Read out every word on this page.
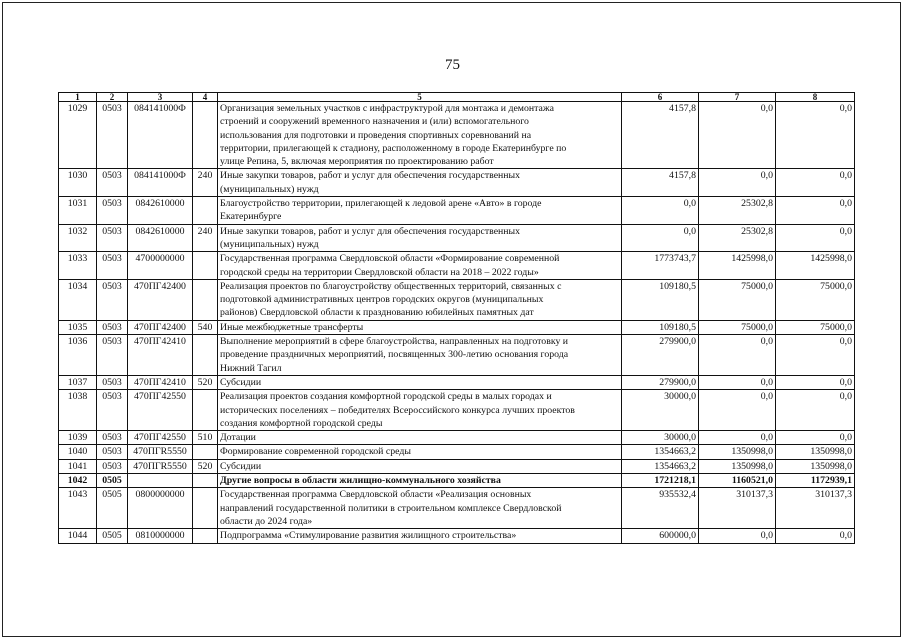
75
1	2	3	4	5	6	7	8
1029	0503	084141000Ф		Организация земельных участков с инфраструктурой для монтажа и демонтажа
строений и сооружений временного назначения и (или) вспомогательного
использования для подготовки и проведения спортивных соревнований на
территории, прилегающей к стадиону, расположенному в городе Екатеринбурге по
улице Репина, 5, включая мероприятия по проектированию работ	4157,8	0,0	0,0
1030	0503	084141000Ф	240	Иные закупки товаров, работ и услуг для обеспечения государственных
(муниципальных) нужд	4157,8	0,0	0,0
1031	0503	0842610000		Благоустройство территории, прилегающей к ледовой арене «Авто» в городе
Екатеринбурге	0,0	25302,8	0,0
1032	0503	0842610000	240	Иные закупки товаров, работ и услуг для обеспечения государственных
(муниципальных) нужд	0,0	25302,8	0,0
1033	0503	4700000000		Государственная программа Свердловской области «Формирование современной
городской среды на территории Свердловской области на 2018 – 2022 годы»	1773743,7	1425998,0	1425998,0
1034	0503	470ПГ42400		Реализация проектов по благоустройству общественных территорий, связанных с
подготовкой административных центров городских округов (муниципальных
районов) Свердловской области к празднованию юбилейных памятных дат	109180,5	75000,0	75000,0
1035	0503	470ПГ42400	540	Иные межбюджетные трансферты	109180,5	75000,0	75000,0
1036	0503	470ПГ42410		Выполнение мероприятий в сфере благоустройства, направленных на подготовку и
проведение праздничных мероприятий, посвященных 300-летию основания города
Нижний Тагил	279900,0	0,0	0,0
1037	0503	470ПГ42410	520	Субсидии	279900,0	0,0	0,0
1038	0503	470ПГ42550		Реализация проектов создания комфортной городской среды в малых городах и
исторических поселениях – победителях Всероссийского конкурса лучших проектов
создания комфортной городской среды	30000,0	0,0	0,0
1039	0503	470ПГ42550	510	Дотации	30000,0	0,0	0,0
1040	0503	470ПГR5550		Формирование современной городской среды	1354663,2	1350998,0	1350998,0
1041	0503	470ПГR5550	520	Субсидии	1354663,2	1350998,0	1350998,0
1042	0505			Другие вопросы в области жилищно-коммунального хозяйства	1721218,1	1160521,0	1172939,1
1043	0505	0800000000		Государственная программа Свердловской области «Реализация основных
направлений государственной политики в строительном комплексе Свердловской
области до 2024 года»	935532,4	310137,3	310137,3
1044	0505	0810000000		Подпрограмма «Стимулирование развития жилищного строительства»	600000,0	0,0	0,0
